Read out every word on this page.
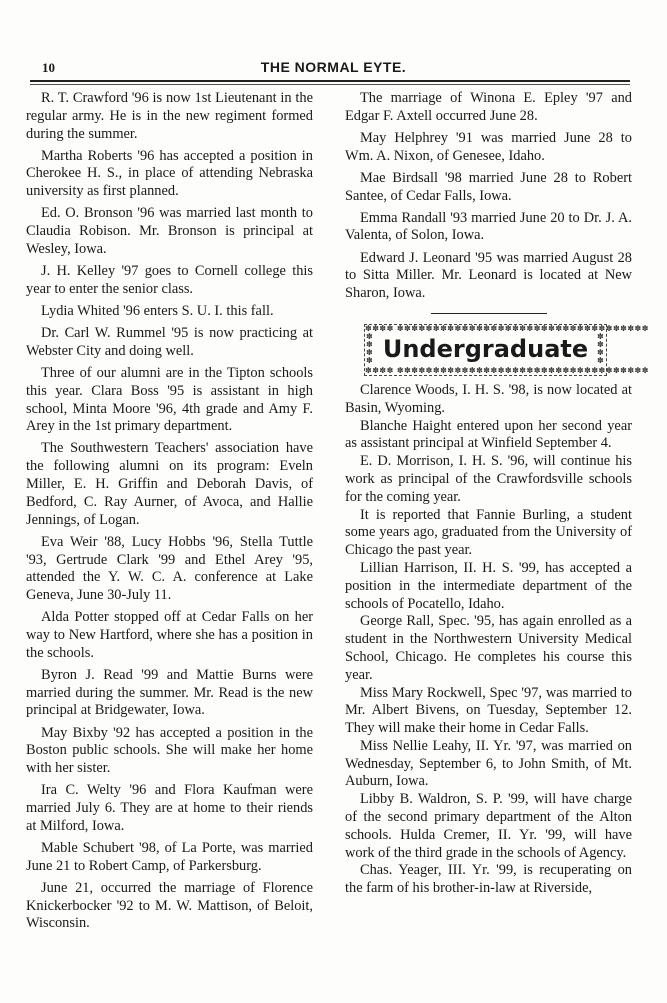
10	THE NORMAL EYTE.

R. T. Crawford '96 is now 1st Lieutenant in the regular army. He is in the new regiment formed during the summer.

Martha Roberts '96 has accepted a position in Cherokee H. S., in place of attending Nebraska university as first planned.

Ed. O. Bronson '96 was married last month to Claudia Robison. Mr. Bronson is principal at Wesley, Iowa.

J. H. Kelley '97 goes to Cornell college this year to enter the senior class.

Lydia Whited '96 enters S. U. I. this fall.

Dr. Carl W. Rummel '95 is now practicing at Webster City and doing well.

Three of our alumni are in the Tipton schools this year. Clara Boss '95 is assistant in high school, Minta Moore '96, 4th grade and Amy F. Arey in the 1st primary department.

The Southwestern Teachers' association have the following alumni on its program: Eveln Miller, E. H. Griffin and Deborah Davis, of Bedford, C. Ray Aurner, of Avoca, and Hallie Jennings, of Logan.

Eva Weir '88, Lucy Hobbs '96, Stella Tuttle '93, Gertrude Clark '99 and Ethel Arey '95, attended the Y. W. C. A. conference at Lake Geneva, June 30-July 11.

Alda Potter stopped off at Cedar Falls on her way to New Hartford, where she has a position in the schools.

Byron J. Read '99 and Mattie Burns were married during the summer. Mr. Read is the new principal at Bridgewater, Iowa.

May Bixby '92 has accepted a position in the Boston public schools. She will make her home with her sister.

Ira C. Welty '96 and Flora Kaufman were married July 6. They are at home to their riends at Milford, Iowa.

Mable Schubert '98, of La Porte, was married June 21 to Robert Camp, of Parkersburg.

June 21, occurred the marriage of Florence Knickerbocker '92 to M. W. Mattison, of Beloit, Wisconsin.

The marriage of Winona E. Epley '97 and Edgar F. Axtell occurred June 28.

May Helphrey '91 was married June 28 to Wm. A. Nixon, of Genesee, Idaho.

Mae Birdsall '98 married June 28 to Robert Santee, of Cedar Falls, Iowa.

Emma Randall '93 married June 20 to Dr. J. A. Valenta, of Solon, Iowa.

Edward J. Leonard '95 was married August 28 to Sitta Miller. Mr. Leonard is located at New Sharon, Iowa.

✽✽✽✽ ✽✽✽✽✽✽✽✽✽✽✽✽✽✽✽✽✽✽✽✽✽✽✽✽✽✽✽✽✽✽✽✽✽✽✽
✽✽✽✽ Undergraduate	✽✽✽✽
✽✽✽✽ ✽✽✽✽✽✽✽✽✽✽✽✽✽✽✽✽✽✽✽✽✽✽✽✽✽✽✽✽✽✽✽✽✽✽✽

Clarence Woods, I. H. S. '98, is now located at Basin, Wyoming.

Blanche Haight entered upon her second year as assistant principal at Winfield September 4.

E. D. Morrison, I. H. S. '96, will continue his work as principal of the Crawfordsville schools for the coming year.

It is reported that Fannie Burling, a student some years ago, graduated from the University of Chicago the past year.

Lillian Harrison, II. H. S. '99, has accepted a position in the intermediate department of the schools of Pocatello, Idaho.

George Rall, Spec. '95, has again enrolled as a student in the Northwestern University Medical School, Chicago. He completes his course this year.

Miss Mary Rockwell, Spec '97, was married to Mr. Albert Bivens, on Tuesday, September 12. They will make their home in Cedar Falls.

Miss Nellie Leahy, II. Yr. '97, was married on Wednesday, September 6, to John Smith, of Mt. Auburn, Iowa.

Libby B. Waldron, S. P. '99, will have charge of the second primary department of the Alton schools. Hulda Cremer, II. Yr. '99, will have work of the third grade in the schools of Agency.

Chas. Yeager, III. Yr. '99, is recuperating on the farm of his brother-in-law at Riverside,
